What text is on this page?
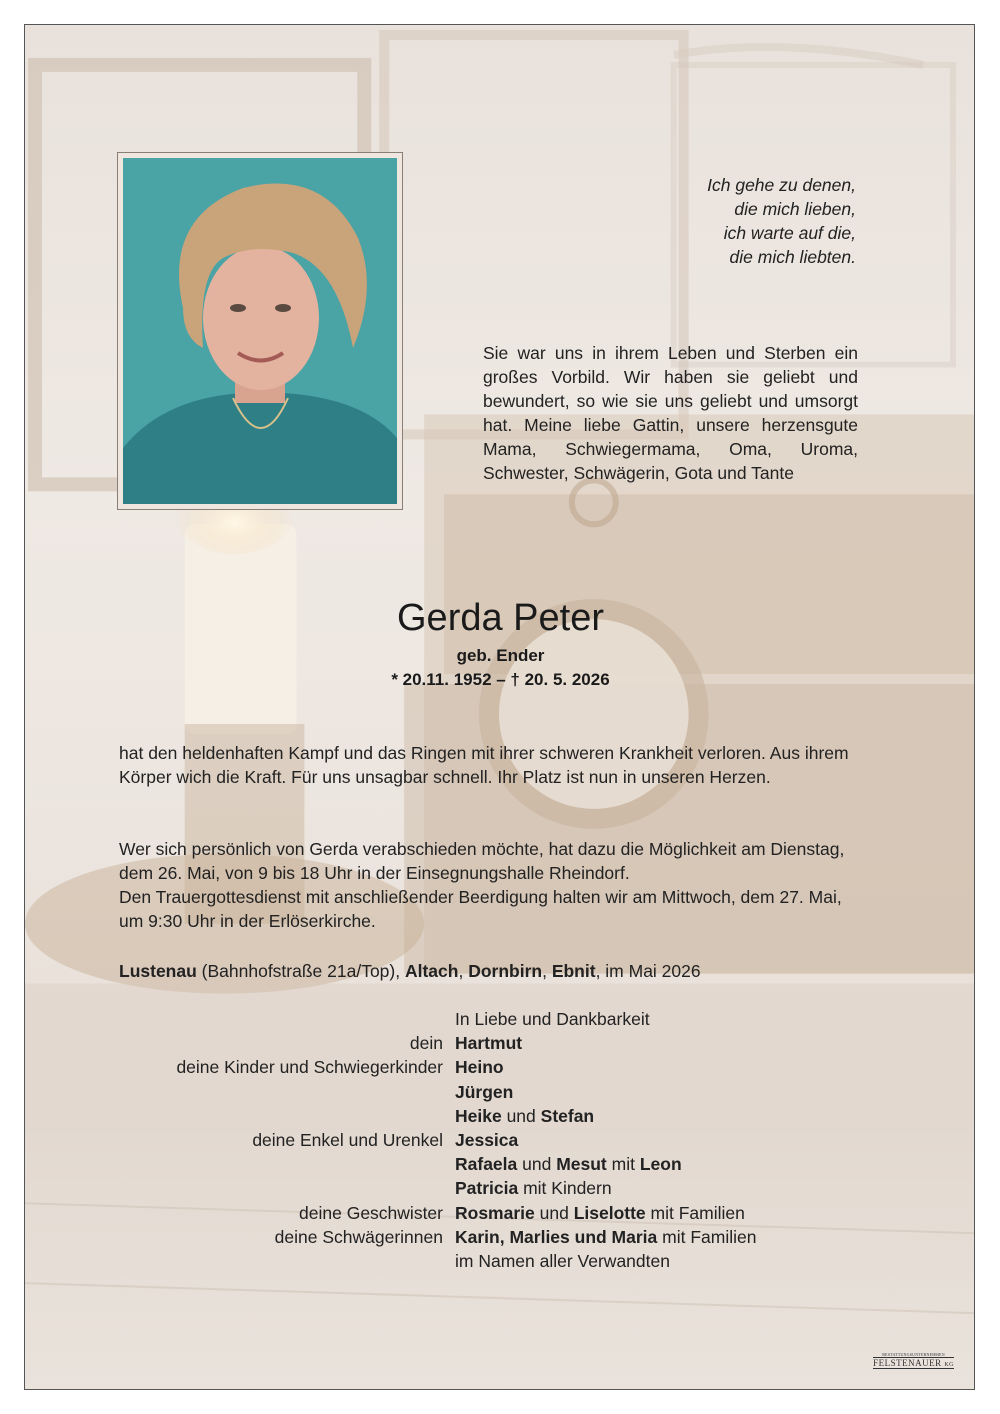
Ich gehe zu denen,
die mich lieben,
ich warte auf die,
die mich liebten.
Sie war uns in ihrem Leben und Sterben ein großes Vorbild. Wir haben sie geliebt und bewundert, so wie sie uns geliebt und umsorgt hat. Meine liebe Gattin, unsere herzensgute Mama, Schwiegermama, Oma, Uroma, Schwester, Schwägerin, Gota und Tante
Gerda Peter
geb. Ender
* 20.11. 1952 – † 20. 5. 2026
hat den heldenhaften Kampf und das Ringen mit ihrer schweren Krankheit verloren. Aus ihrem Körper wich die Kraft. Für uns unsagbar schnell. Ihr Platz ist nun in unseren Herzen.
Wer sich persönlich von Gerda verabschieden möchte, hat dazu die Möglichkeit am Dienstag, dem 26. Mai, von 9 bis 18 Uhr in der Einsegnungshalle Rheindorf.
Den Trauergottesdienst mit anschließender Beerdigung halten wir am Mittwoch, dem 27. Mai, um 9:30 Uhr in der Erlöserkirche.
Lustenau (Bahnhofstraße 21a/Top), Altach, Dornbirn, Ebnit, im Mai 2026
dein
deine Kinder und Schwiegerkinder
deine Enkel und Urenkel
deine Geschwister
deine Schwägerinnen
In Liebe und Dankbarkeit
Hartmut
Heino
Jürgen
Heike und Stefan
Jessica
Rafaela und Mesut mit Leon
Patricia mit Kindern
Rosmarie und Liselotte mit Familien
Karin, Marlies und Maria mit Familien
im Namen aller Verwandten
BESTATTUNGSUNTERNEHMEN
FELSTENAUER KG
